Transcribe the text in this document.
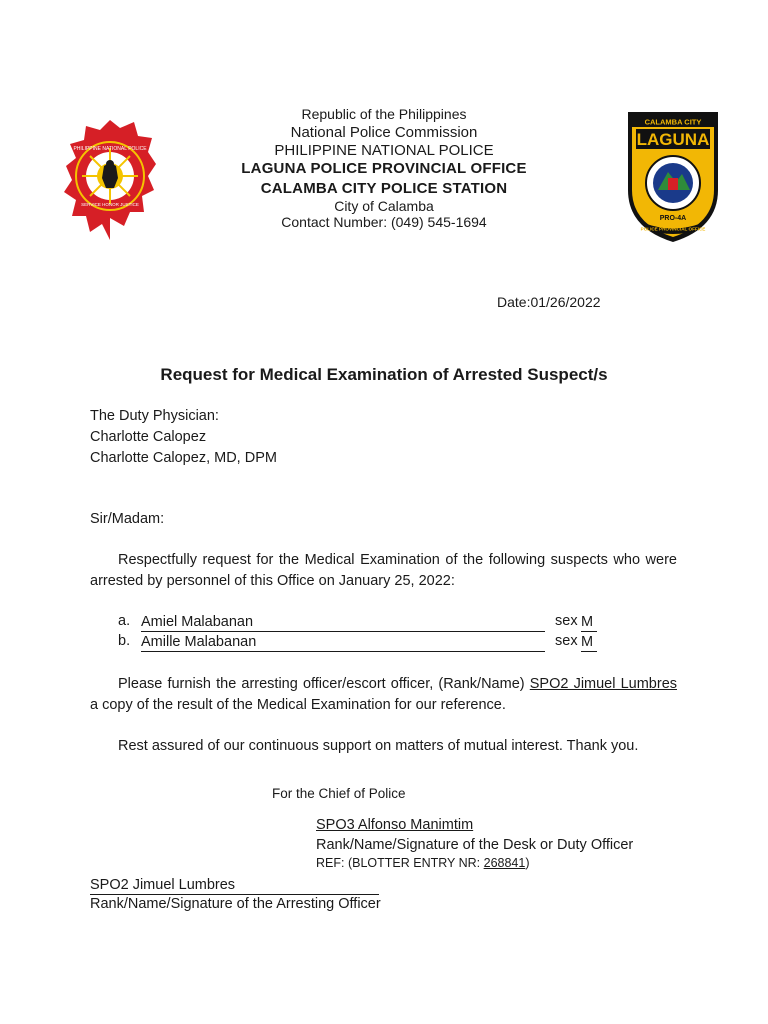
PHILIPPINE NATIONAL POLICE
SERVICE HONOR JUSTICE
CALAMBA CITY
LAGUNA
PRO-4A
POLICE PROVINCIAL OFFICE
Republic of the Philippines
National Police Commission
PHILIPPINE NATIONAL POLICE
LAGUNA POLICE PROVINCIAL OFFICE
CALAMBA CITY POLICE STATION
City of Calamba
Contact Number: (049) 545-1694
Date:01/26/2022
Request for Medical Examination of Arrested Suspect/s
The Duty Physician:
Charlotte Calopez
Charlotte Calopez, MD, DPM
Sir/Madam:
Respectfully request for the Medical Examination of the following suspects who were arrested by personnel of this Office on January 25, 2022:
a. Amiel Malabanan	sex M
b. Amille Malabanan	sex M
Please furnish the arresting officer/escort officer, (Rank/Name) SPO2 Jimuel Lumbres a copy of the result of the Medical Examination for our reference.
Rest assured of our continuous support on matters of mutual interest. Thank you.
For the Chief of Police
SPO3 Alfonso Manimtim
Rank/Name/Signature of the Desk or Duty Officer
REF: (BLOTTER ENTRY NR: 268841)
SPO2 Jimuel Lumbres
Rank/Name/Signature of the Arresting Officer
